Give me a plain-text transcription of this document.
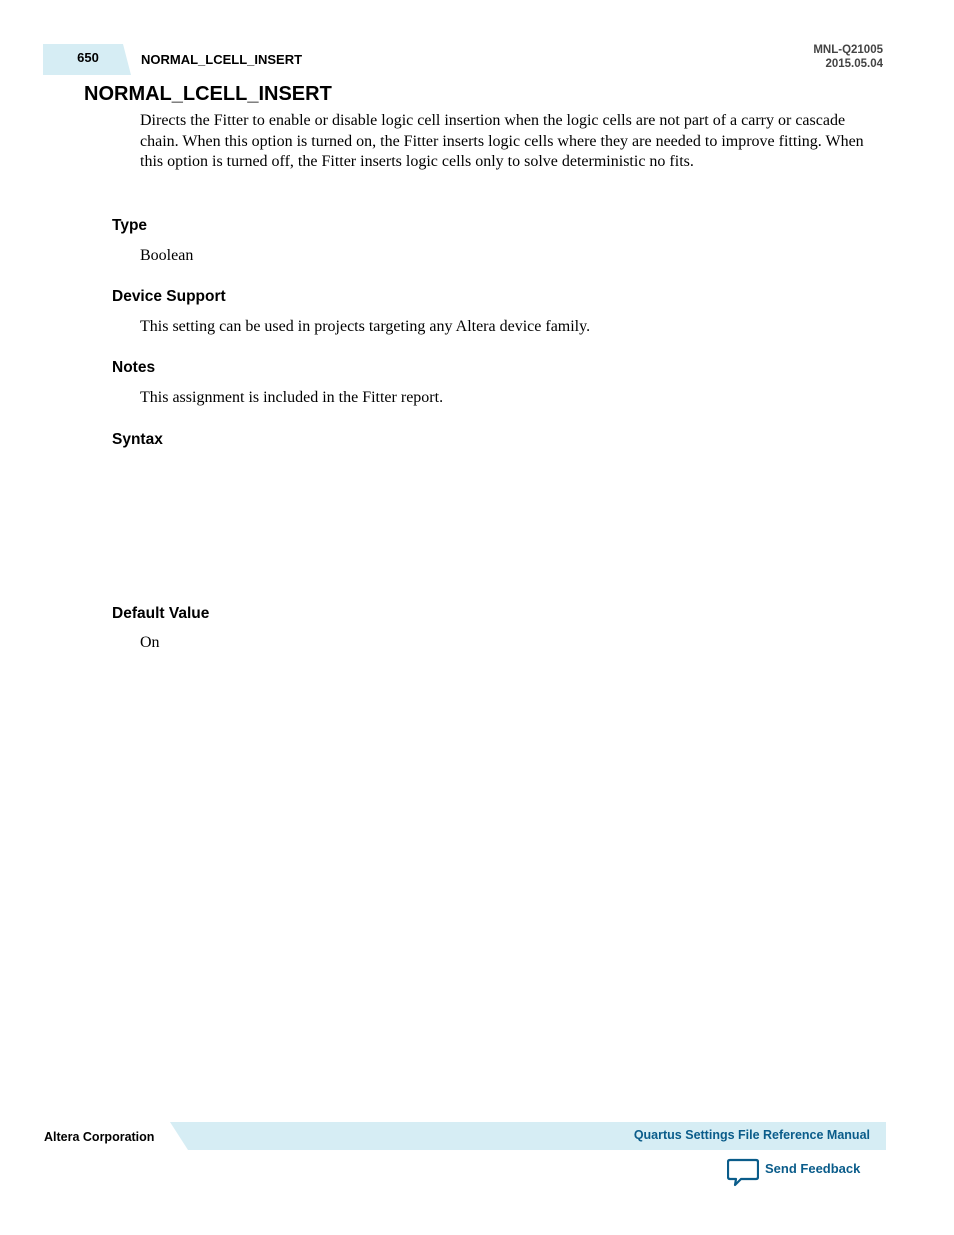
650	NORMAL_LCELL_INSERT
MNL-Q21005
2015.05.04
NORMAL_LCELL_INSERT
Directs the Fitter to enable or disable logic cell insertion when the logic cells are not part of a carry or cascade chain. When this option is turned on, the Fitter inserts logic cells where they are needed to improve fitting. When this option is turned off, the Fitter inserts logic cells only to solve deterministic no fits.
Type
Boolean
Device Support
This setting can be used in projects targeting any Altera device family.
Notes
This assignment is included in the Fitter report.
Syntax
Default Value
On
Altera Corporation	Quartus Settings File Reference Manual
Send Feedback
